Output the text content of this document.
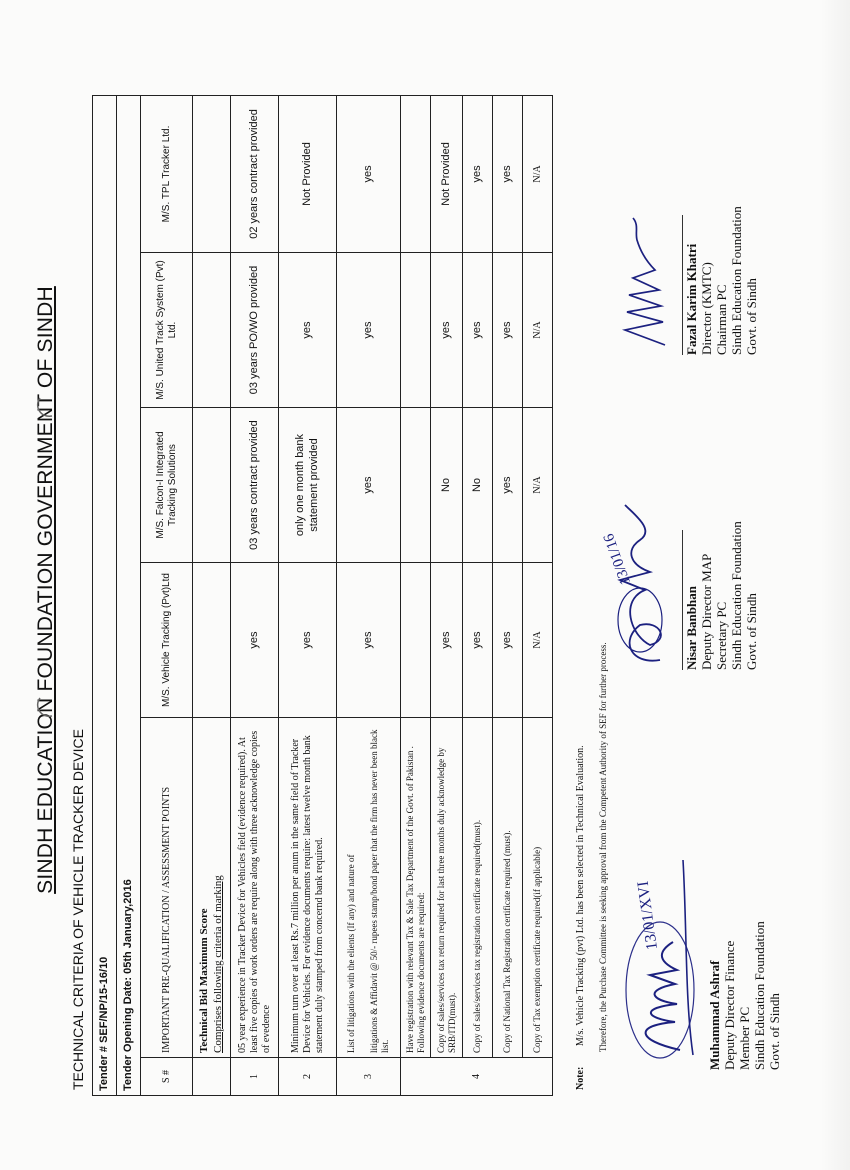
SINDH EDUCATION FOUNDATION GOVERNMENT OF SINDH
TECHNICAL CRITERIA OF VEHICLE TRACKER DEVICE Tender # SEF/NP/15-16/10					
Tender Opening Date: 05th January,2016					
S #	IMPORTANT PRE-QUALIFICATION / ASSESSMENT POINTS	M/S. Vehicle Tracking (Pvt)Ltd	M/S. Falcon-I Integrated Tracking Solutions	M/S. United Track System (Pvt) Ltd.	M/S. TPL Tracker Ltd.

	Technical Bid Maximum Score Comprises following criteria of marking				

1	05 year experience in Tracker Device for Vehicles field (evidence required). At least five copies of work orders are require along with three acknowledge copies of evedence	yes	03 years contract provided	03 years PO/WO provided	02 years contract provided
2	Minimum turn over at least Rs.7 million per anum in the same field of Tracker Device for Vehicles. For evidence documents require: latest twelve month bank statement duly stamped from concernd bank required.	yes	only one month bank statement provided	yes	Not Provided
3	List of litigations with the elients (If any) and nature of litigations & Affidavit @ 50/- rupees stamp/bond paper that the firm has never been black list.	yes	yes	yes	yes
4	Have registration with relevant Tax & Sale Tax Department of the Govt. of Pakistan . Following evidence documents are required:				
	Copy of sales/services tax return required for last three months duly acknowledge by SRB/ITD(must).	yes	No	yes	Not Provided
	Copy of sales/services tax registration certificate required(must).	yes	No	yes	yes
	Copy of National Tax Registration certificate required (must).	yes	yes	yes	yes
	Copy of Tax exemption certificate required(if applicable)	N/A	N/A	N/A	N/A
Note: M/s. Vehicle Tracking (pvt) Ltd. has been selected in Technical Evaluation. Therefore, the Purchase Committee is seeking approval from the Competent Authority of SEF for further process. 13/01/XVI
13/01/16
Muhammad Ashraf Deputy Director Finance Member PC Sindh Education Foundation Govt. of Sindh
Nisar Banbhan Deputy Director MAP Secretary PC Sindh Education Foundation Govt. of Sindh
Fazal Karim Khatri Director (KMTC) Chairman PC Sindh Education Foundation Govt. of Sindh
